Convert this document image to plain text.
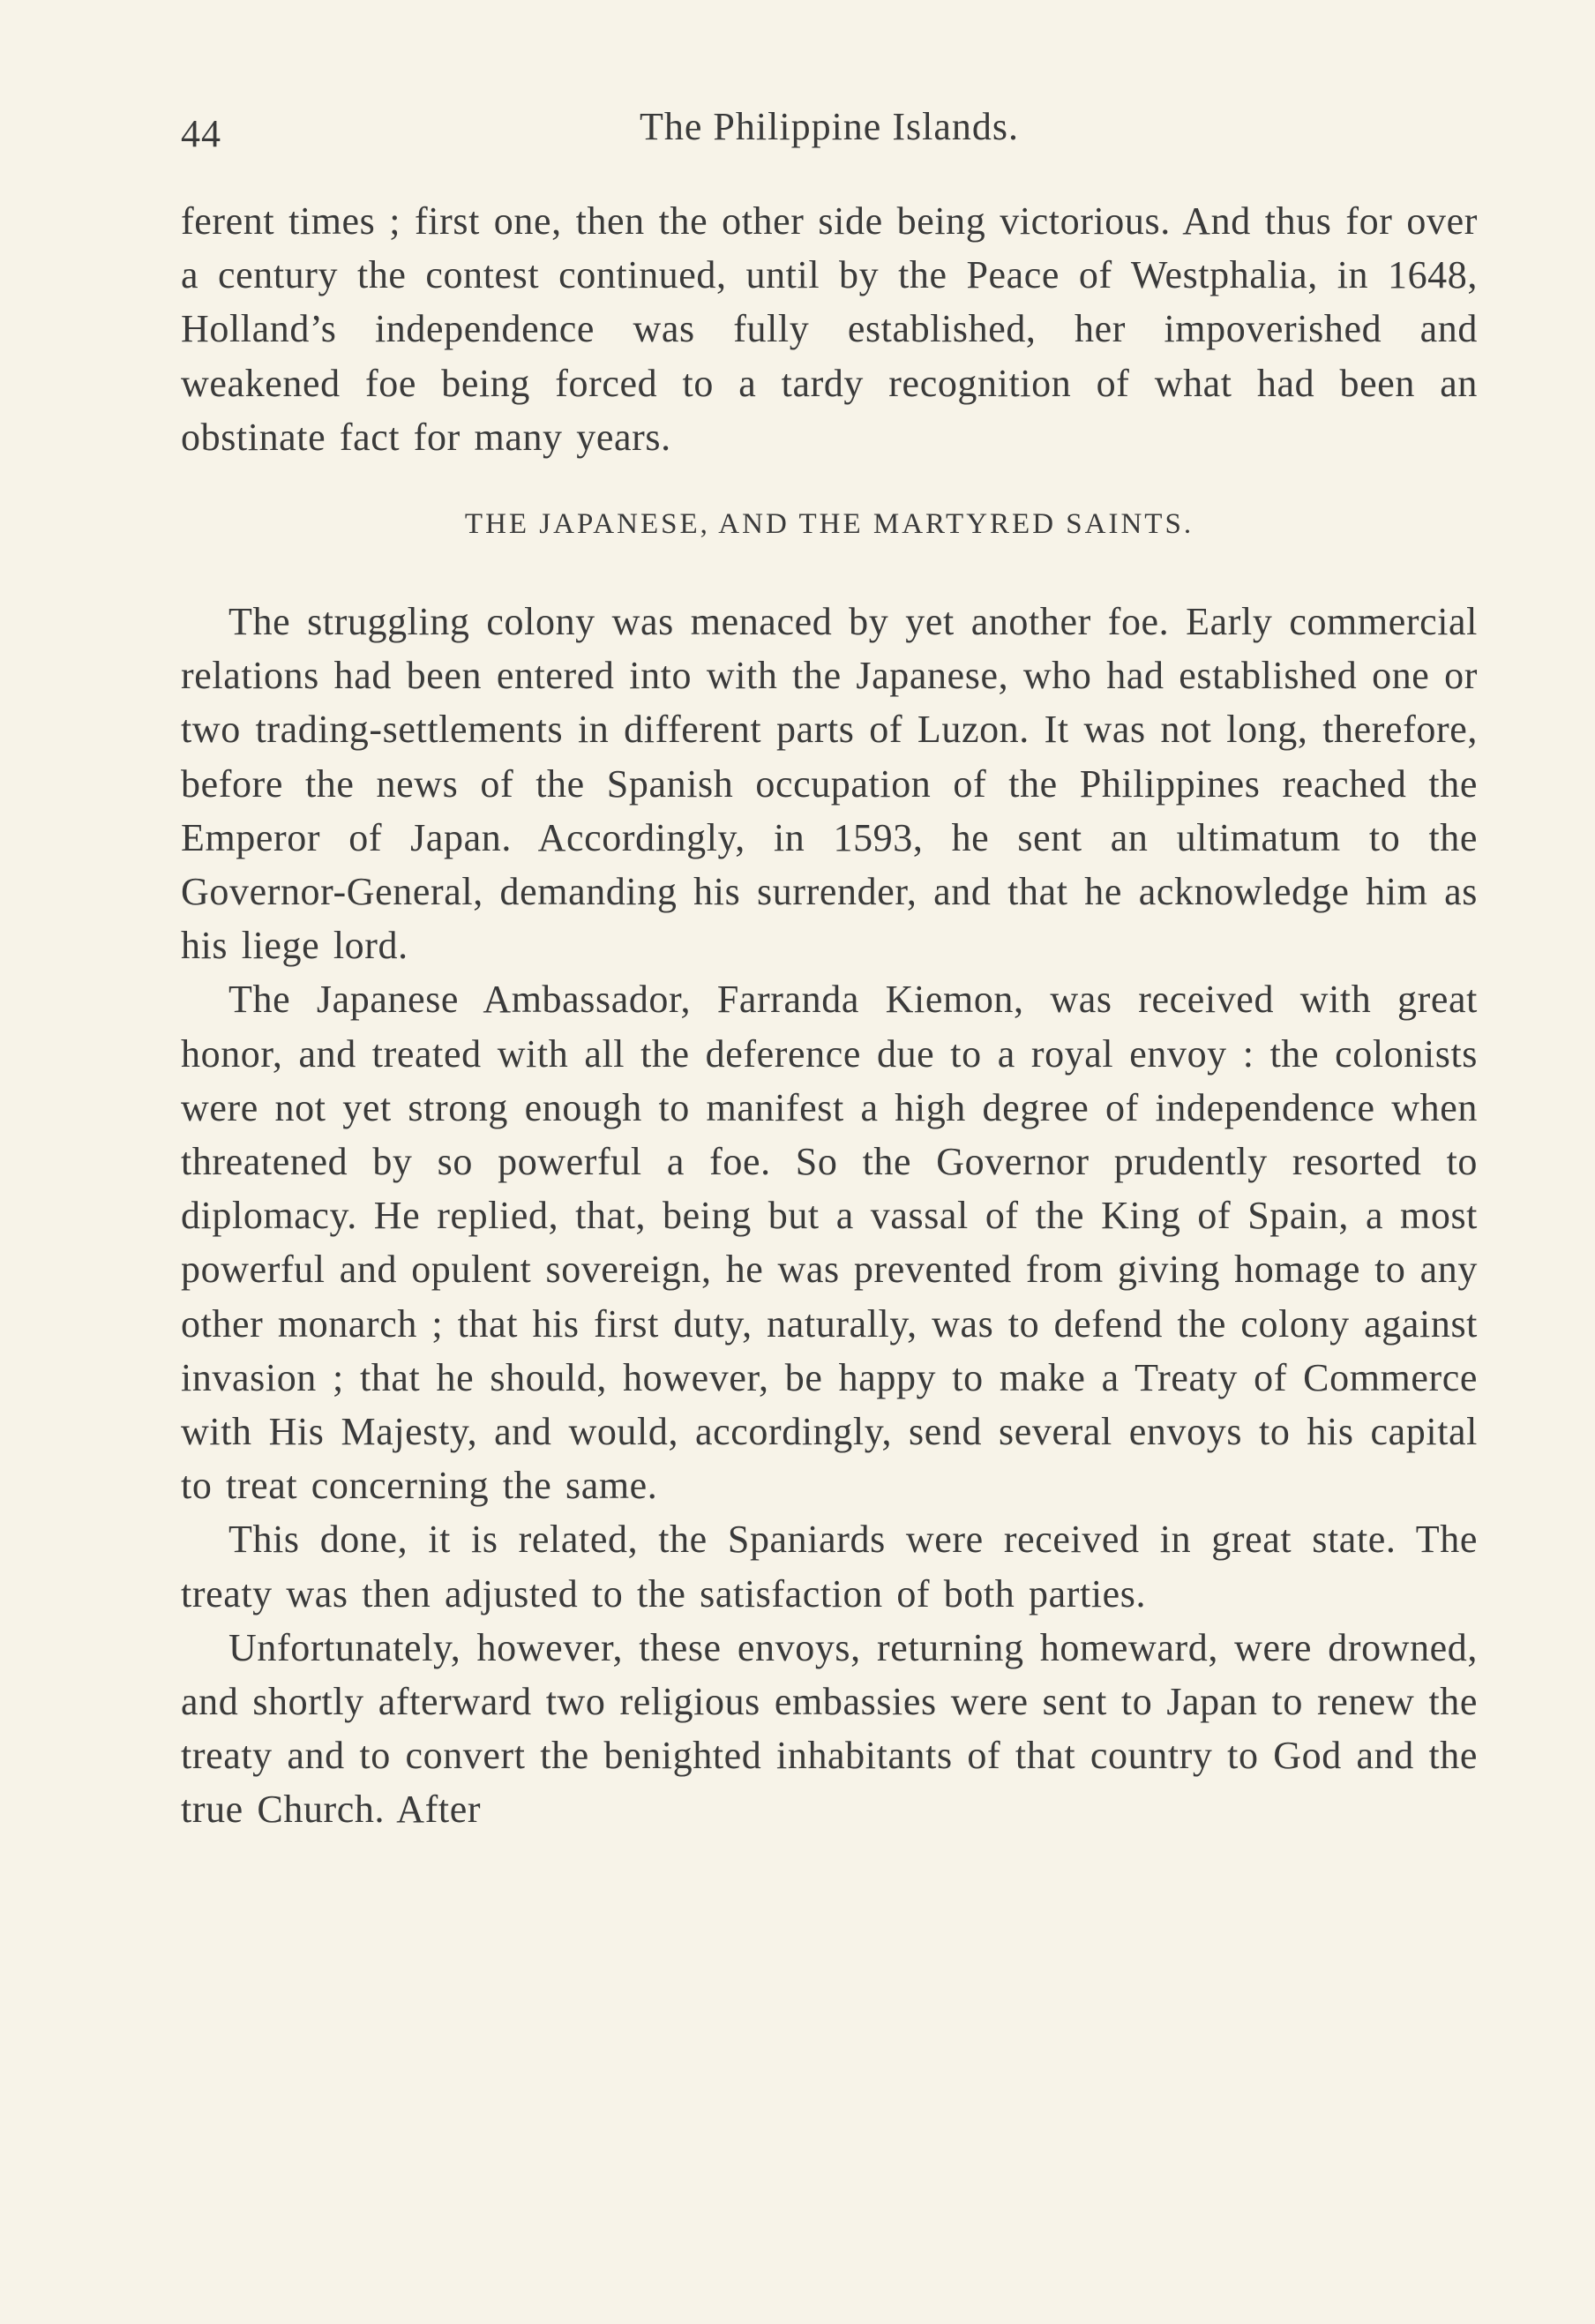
44	The Philippine Islands.

ferent times ; first one, then the other side being victorious. And thus for over a century the contest continued, until by the Peace of Westphalia, in 1648, Holland’s independence was fully established, her impoverished and weakened foe being forced to a tardy recognition of what had been an obstinate fact for many years.

THE JAPANESE, AND THE MARTYRED SAINTS.

The struggling colony was menaced by yet another foe. Early commercial relations had been entered into with the Japanese, who had established one or two trading-settlements in different parts of Luzon. It was not long, therefore, before the news of the Spanish occupation of the Philippines reached the Emperor of Japan. Accordingly, in 1593, he sent an ultimatum to the Governor-General, demanding his surrender, and that he acknowledge him as his liege lord.

The Japanese Ambassador, Farranda Kiemon, was received with great honor, and treated with all the deference due to a royal envoy : the colonists were not yet strong enough to manifest a high degree of independence when threatened by so powerful a foe. So the Governor prudently resorted to diplomacy. He replied, that, being but a vassal of the King of Spain, a most powerful and opulent sovereign, he was prevented from giving homage to any other monarch ; that his first duty, naturally, was to defend the colony against invasion ; that he should, however, be happy to make a Treaty of Commerce with His Majesty, and would, accordingly, send several envoys to his capital to treat concerning the same.

This done, it is related, the Spaniards were received in great state. The treaty was then adjusted to the satisfaction of both parties.

Unfortunately, however, these envoys, returning homeward, were drowned, and shortly afterward two religious embassies were sent to Japan to renew the treaty and to convert the benighted inhabitants of that country to God and the true Church. After
